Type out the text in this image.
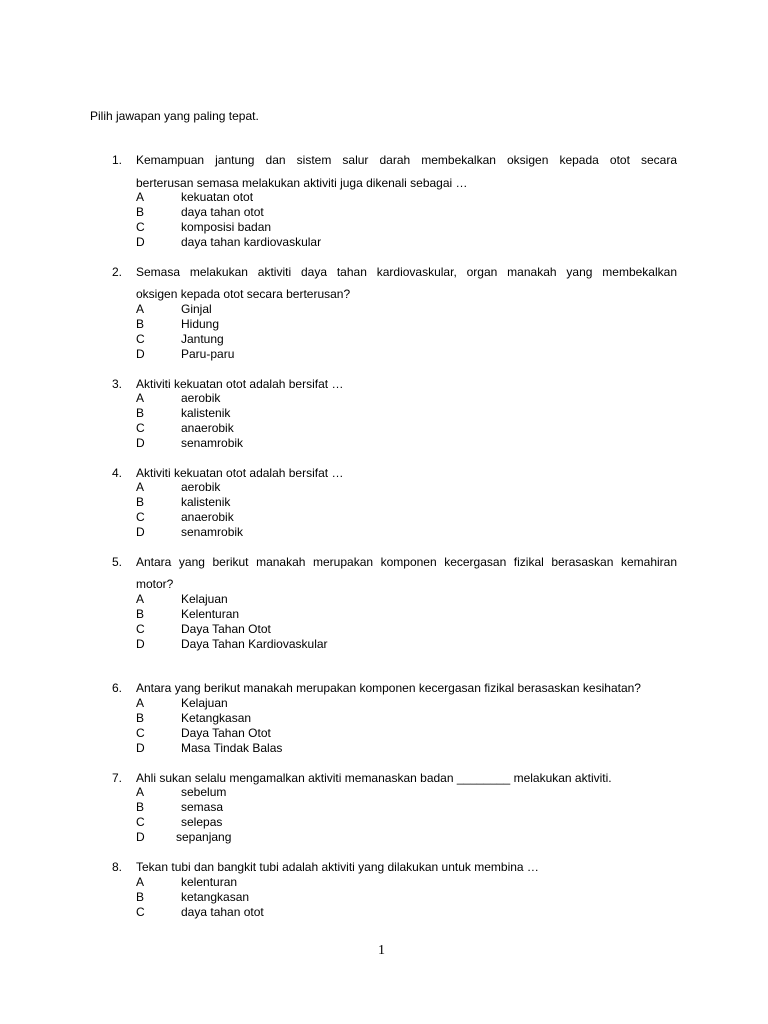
Pilih jawapan yang paling tepat.
1. Kemampuan jantung dan sistem salur darah membekalkan oksigen kepada otot secara
berterusan semasa melakukan aktiviti juga dikenali sebagai …
A	kekuatan otot
B	daya tahan otot
C	komposisi badan
D	daya tahan kardiovaskular
2. Semasa melakukan aktiviti daya tahan kardiovaskular, organ manakah yang membekalkan
oksigen kepada otot secara berterusan?
A	Ginjal
B	Hidung
C	Jantung
D	Paru-paru
3. Aktiviti kekuatan otot adalah bersifat …
A	aerobik
B	kalistenik
C	anaerobik
D	senamrobik
4. Aktiviti kekuatan otot adalah bersifat …
A	aerobik
B	kalistenik
C	anaerobik
D	senamrobik
5. Antara yang berikut manakah merupakan komponen kecergasan fizikal berasaskan kemahiran
motor?
A	Kelajuan
B	Kelenturan
C	Daya Tahan Otot
D	Daya Tahan Kardiovaskular
6. Antara yang berikut manakah merupakan komponen kecergasan fizikal berasaskan kesihatan?
A	Kelajuan
B	Ketangkasan
C	Daya Tahan Otot
D	Masa Tindak Balas
7. Ahli sukan selalu mengamalkan aktiviti memanaskan badan ________ melakukan aktiviti.
A	sebelum
B	semasa
C	selepas
D	sepanjang
8. Tekan tubi dan bangkit tubi adalah aktiviti yang dilakukan untuk membina …
A	kelenturan
B	ketangkasan
C	daya tahan otot
1
